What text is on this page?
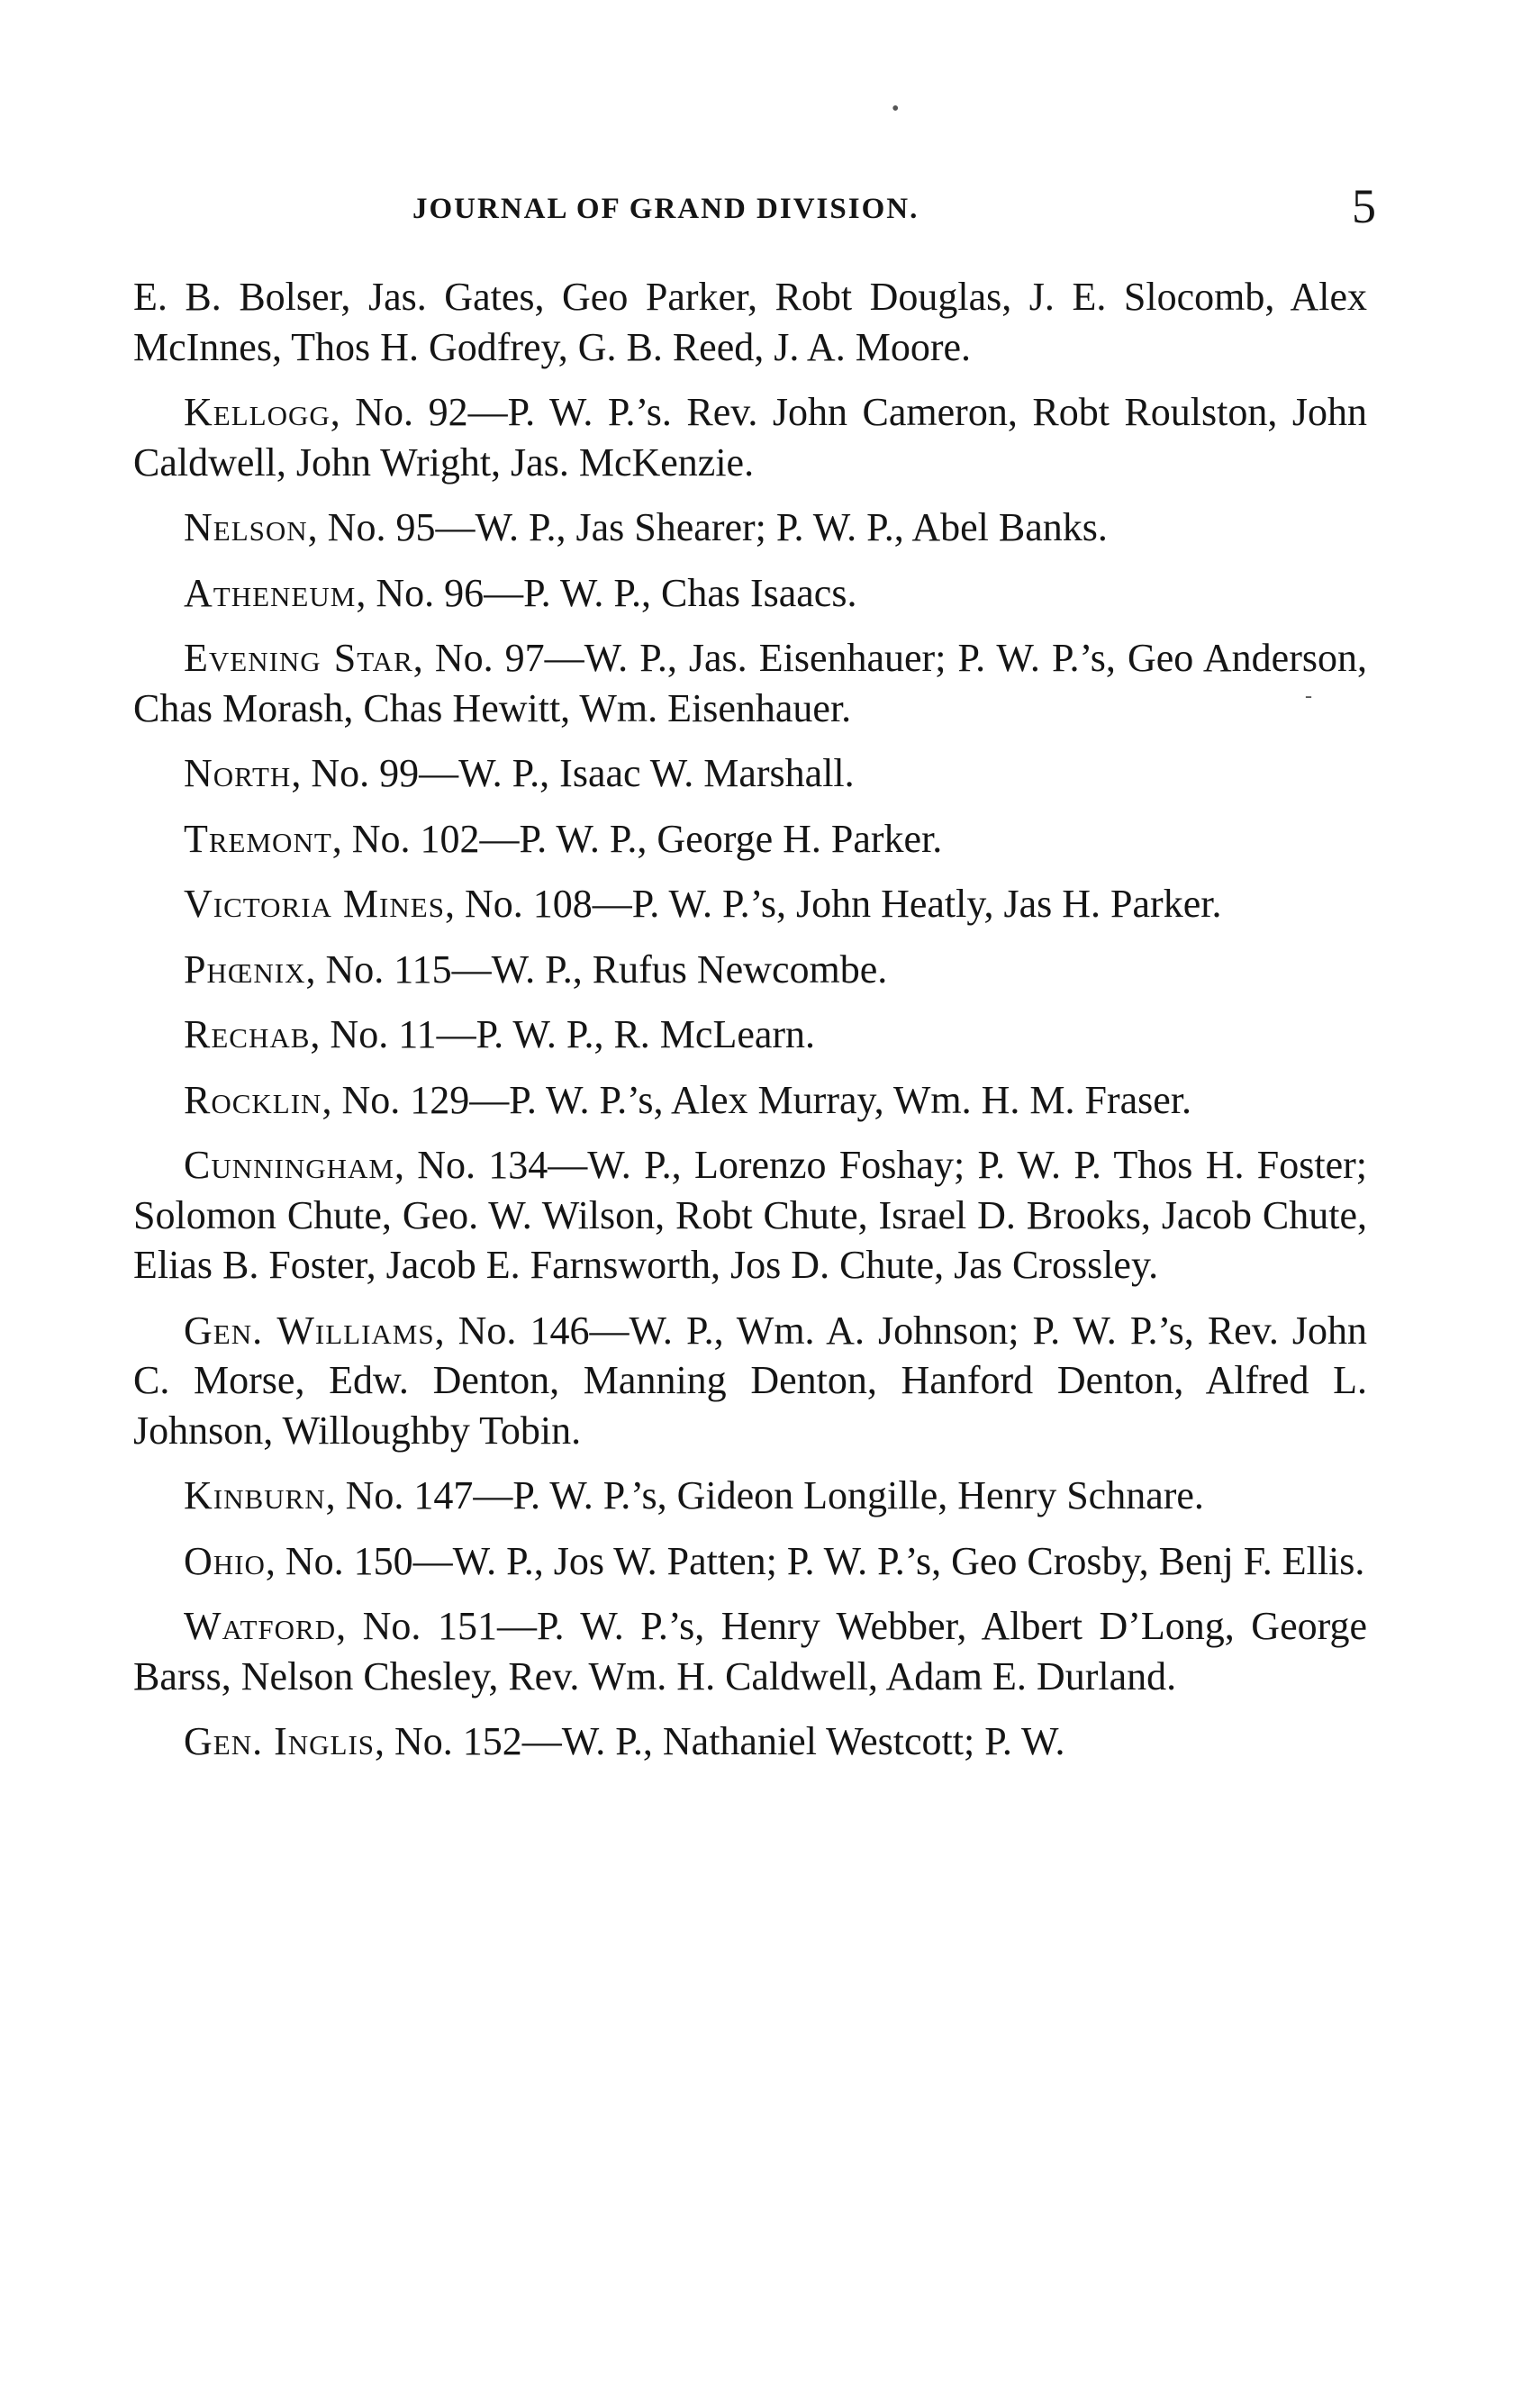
JOURNAL OF GRAND DIVISION.	5

E. B. Bolser, Jas. Gates, Geo Parker, Robt Douglas, J. E. Slocomb, Alex McInnes, Thos H. Godfrey, G. B. Reed, J. A. Moore.

Kellogg, No. 92—P. W. P.’s. Rev. John Cameron, Robt Roulston, John Caldwell, John Wright, Jas. McKenzie.

Nelson, No. 95—W. P., Jas Shearer; P. W. P., Abel Banks.

Atheneum, No. 96—P. W. P., Chas Isaacs.

Evening Star, No. 97—W. P., Jas. Eisenhauer; P. W. P.’s, Geo Anderson, Chas Morash, Chas Hewitt, Wm. Eisenhauer.

North, No. 99—W. P., Isaac W. Marshall.

Tremont, No. 102—P. W. P., George H. Parker.

Victoria Mines, No. 108—P. W. P.’s, John Heatly, Jas H. Parker.

Phœnix, No. 115—W. P., Rufus Newcombe.

Rechab, No. 11—P. W. P., R. McLearn.

Rocklin, No. 129—P. W. P.’s, Alex Murray, Wm. H. M. Fraser.

Cunningham, No. 134—W. P., Lorenzo Foshay; P. W. P. Thos H. Foster; Solomon Chute, Geo. W. Wilson, Robt Chute, Israel D. Brooks, Jacob Chute, Elias B. Foster, Jacob E. Farnsworth, Jos D. Chute, Jas Crossley.

Gen. Williams, No. 146—W. P., Wm. A. Johnson; P. W. P.’s, Rev. John C. Morse, Edw. Denton, Manning Denton, Hanford Denton, Alfred L. Johnson, Willoughby Tobin.

Kinburn, No. 147—P. W. P.’s, Gideon Longille, Henry Schnare.

Ohio, No. 150—W. P., Jos W. Patten; P. W. P.’s, Geo Crosby, Benj F. Ellis.

Watford, No. 151—P. W. P.’s, Henry Webber, Albert D’Long, George Barss, Nelson Chesley, Rev. Wm. H. Caldwell, Adam E. Durland.

Gen. Inglis, No. 152—W. P., Nathaniel Westcott; P. W.

•
-
